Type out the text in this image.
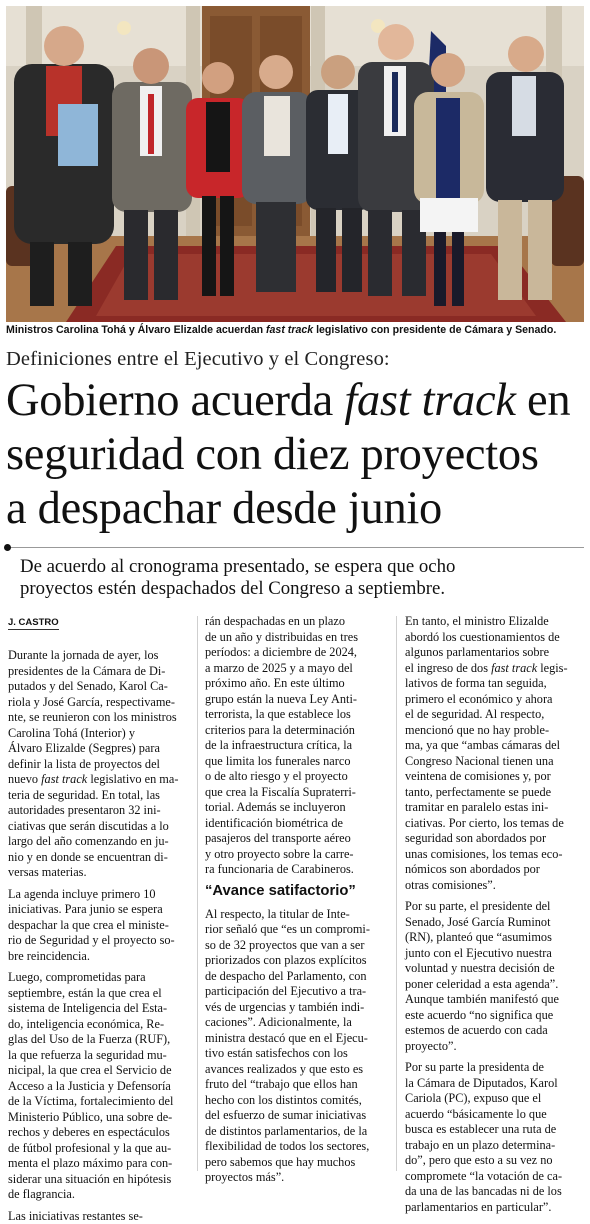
Ministros Carolina Tohá y Álvaro Elizalde acuerdan fast track legislativo con presidente de Cámara y Senado.
Definiciones entre el Ejecutivo y el Congreso:
Gobierno acuerda fast track en
seguridad con diez proyectos
a despachar desde junio
De acuerdo al cronograma presentado, se espera que ocho
proyectos estén despachados del Congreso a septiembre.
J. CASTRO
Durante la jornada de ayer, los
presidentes de la Cámara de Di-
putados y del Senado, Karol Ca-
riola y José García, respectivame-
nte, se reunieron con los ministros
Carolina Tohá (Interior) y
Álvaro Elizalde (Segpres) para
definir la lista de proyectos del
nuevo fast track legislativo en ma-
teria de seguridad. En total, las
autoridades presentaron 32 ini-
ciativas que serán discutidas a lo
largo del año comenzando en ju-
nio y en donde se encuentran di-
versas materias.
La agenda incluye primero 10
iniciativas. Para junio se espera
despachar la que crea el ministe-
rio de Seguridad y el proyecto so-
bre reincidencia.
Luego, comprometidas para
septiembre, están la que crea el
sistema de Inteligencia del Esta-
do, inteligencia económica, Re-
glas del Uso de la Fuerza (RUF),
la que refuerza la seguridad mu-
nicipal, la que crea el Servicio de
Acceso a la Justicia y Defensoría
de la Víctima, fortalecimiento del
Ministerio Público, una sobre de-
rechos y deberes en espectáculos
de fútbol profesional y la que au-
menta el plazo máximo para con-
siderar una situación en hipótesis
de flagrancia.
Las iniciativas restantes se-
rán despachadas en un plazo
de un año y distribuidas en tres
períodos: a diciembre de 2024,
a marzo de 2025 y a mayo del
próximo año. En este último
grupo están la nueva Ley Anti-
terrorista, la que establece los
criterios para la determinación
de la infraestructura crítica, la
que limita los funerales narco
o de alto riesgo y el proyecto
que crea la Fiscalía Supraterri-
torial. Además se incluyeron
identificación biométrica de
pasajeros del transporte aéreo
y otro proyecto sobre la carre-
ra funcionaria de Carabineros.
“Avance satifactorio”
Al respecto, la titular de Inte-
rior señaló que “es un compromi-
so de 32 proyectos que van a ser
priorizados con plazos explícitos
de despacho del Parlamento, con
participación del Ejecutivo a tra-
vés de urgencias y también indi-
caciones”. Adicionalmente, la
ministra destacó que en el Ejecu-
tivo están satisfechos con los
avances realizados y que esto es
fruto del “trabajo que ellos han
hecho con los distintos comités,
del esfuerzo de sumar iniciativas
de distintos parlamentarios, de la
flexibilidad de todos los sectores,
pero sabemos que hay muchos
proyectos más”.
En tanto, el ministro Elizalde
abordó los cuestionamientos de
algunos parlamentarios sobre
el ingreso de dos fast track legis-
lativos de forma tan seguida,
primero el económico y ahora
el de seguridad. Al respecto,
mencionó que no hay proble-
ma, ya que “ambas cámaras del
Congreso Nacional tienen una
veintena de comisiones y, por
tanto, perfectamente se puede
tramitar en paralelo estas ini-
ciativas. Por cierto, los temas de
seguridad son abordados por
unas comisiones, los temas eco-
nómicos son abordados por
otras comisiones”.
Por su parte, el presidente del
Senado, José García Ruminot
(RN), planteó que “asumimos
junto con el Ejecutivo nuestra
voluntad y nuestra decisión de
poner celeridad a esta agenda”.
Aunque también manifestó que
este acuerdo “no significa que
estemos de acuerdo con cada
proyecto”.
Por su parte la presidenta de
la Cámara de Diputados, Karol
Cariola (PC), expuso que el
acuerdo “básicamente lo que
busca es establecer una ruta de
trabajo en un plazo determina-
do”, pero que esto a su vez no
compromete “la votación de ca-
da una de las bancadas ni de los
parlamentarios en particular”.
